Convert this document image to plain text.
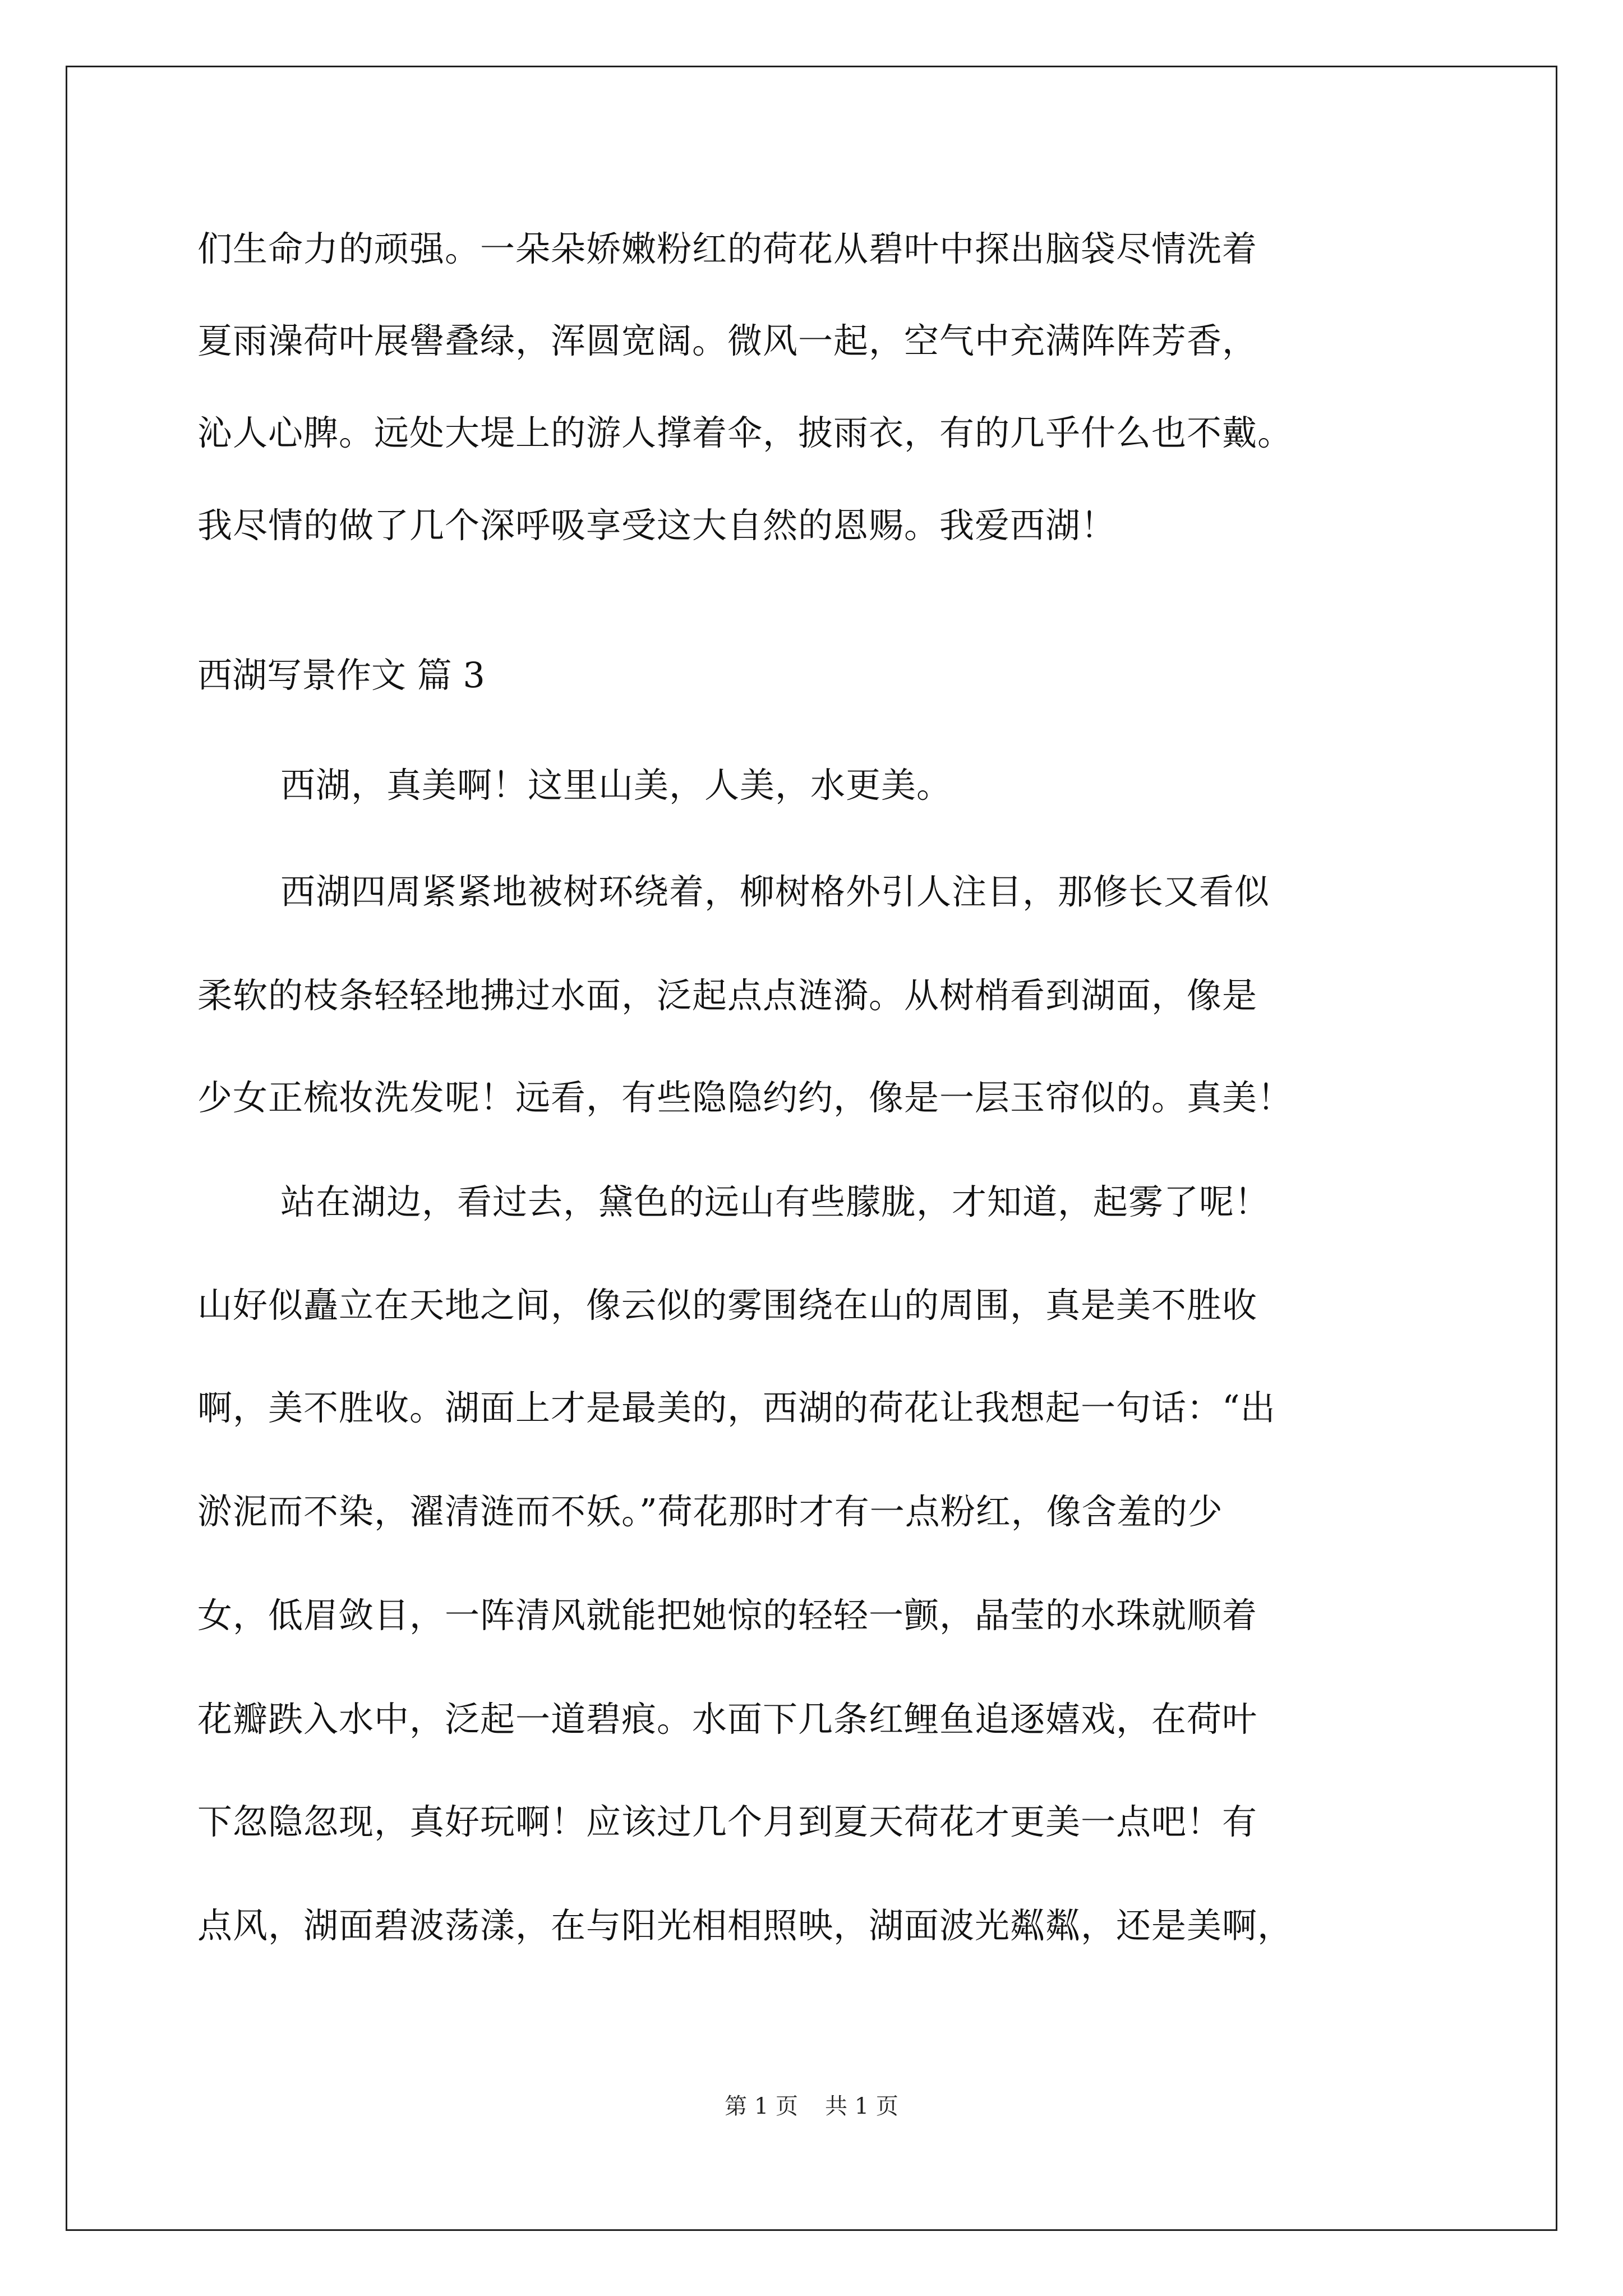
们生命力的顽强。一朵朵娇嫩粉红的荷花从碧叶中探出脑袋尽情洗着
夏雨澡荷叶展嚳叠绿，浑圆宽阔。微风一起，空气中充满阵阵芳香，
沁人心脾。远处大堤上的游人撑着伞，披雨衣，有的几乎什么也不戴。
我尽情的做了几个深呼吸享受这大自然的恩赐。我爱西湖！
西湖写景作文 篇 3
西湖，真美啊！这里山美，人美，水更美。
西湖四周紧紧地被树环绕着，柳树格外引人注目，那修长又看似
柔软的枝条轻轻地拂过水面，泛起点点涟漪。从树梢看到湖面，像是
少女正梳妆洗发呢！远看，有些隐隐约约，像是一层玉帘似的。真美！
站在湖边，看过去，黛色的远山有些朦胧，才知道，起雾了呢！
山好似矗立在天地之间，像云似的雾围绕在山的周围，真是美不胜收
啊，美不胜收。湖面上才是最美的，西湖的荷花让我想起一句话：“出
淤泥而不染，濯清涟而不妖。”荷花那时才有一点粉红，像含羞的少
女，低眉敛目，一阵清风就能把她惊的轻轻一颤，晶莹的水珠就顺着
花瓣跌入水中，泛起一道碧痕。水面下几条红鲤鱼追逐嬉戏，在荷叶
下忽隐忽现，真好玩啊！应该过几个月到夏天荷花才更美一点吧！有
点风，湖面碧波荡漾，在与阳光相相照映，湖面波光粼粼，还是美啊，
第 1 页 共 1 页
